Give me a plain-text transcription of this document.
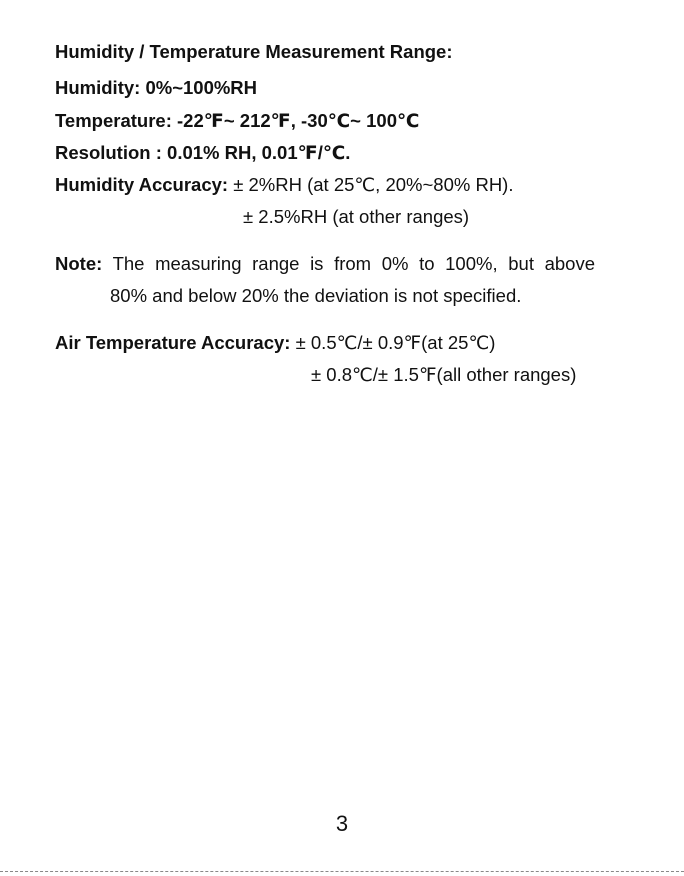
Humidity / Temperature Measurement Range:
Humidity: 0%~100%RH
Temperature: -22℉~ 212℉, -30℃~ 100℃
Resolution : 0.01% RH, 0.01℉/℃.
Humidity Accuracy: ± 2%RH (at 25℃, 20%~80% RH).
± 2.5%RH (at other ranges)
Note: The measuring range is from 0% to 100%, but above
80% and below 20% the deviation is not specified.
Air Temperature Accuracy: ± 0.5℃/± 0.9℉(at 25℃)
± 0.8℃/± 1.5℉(all other ranges)
3
